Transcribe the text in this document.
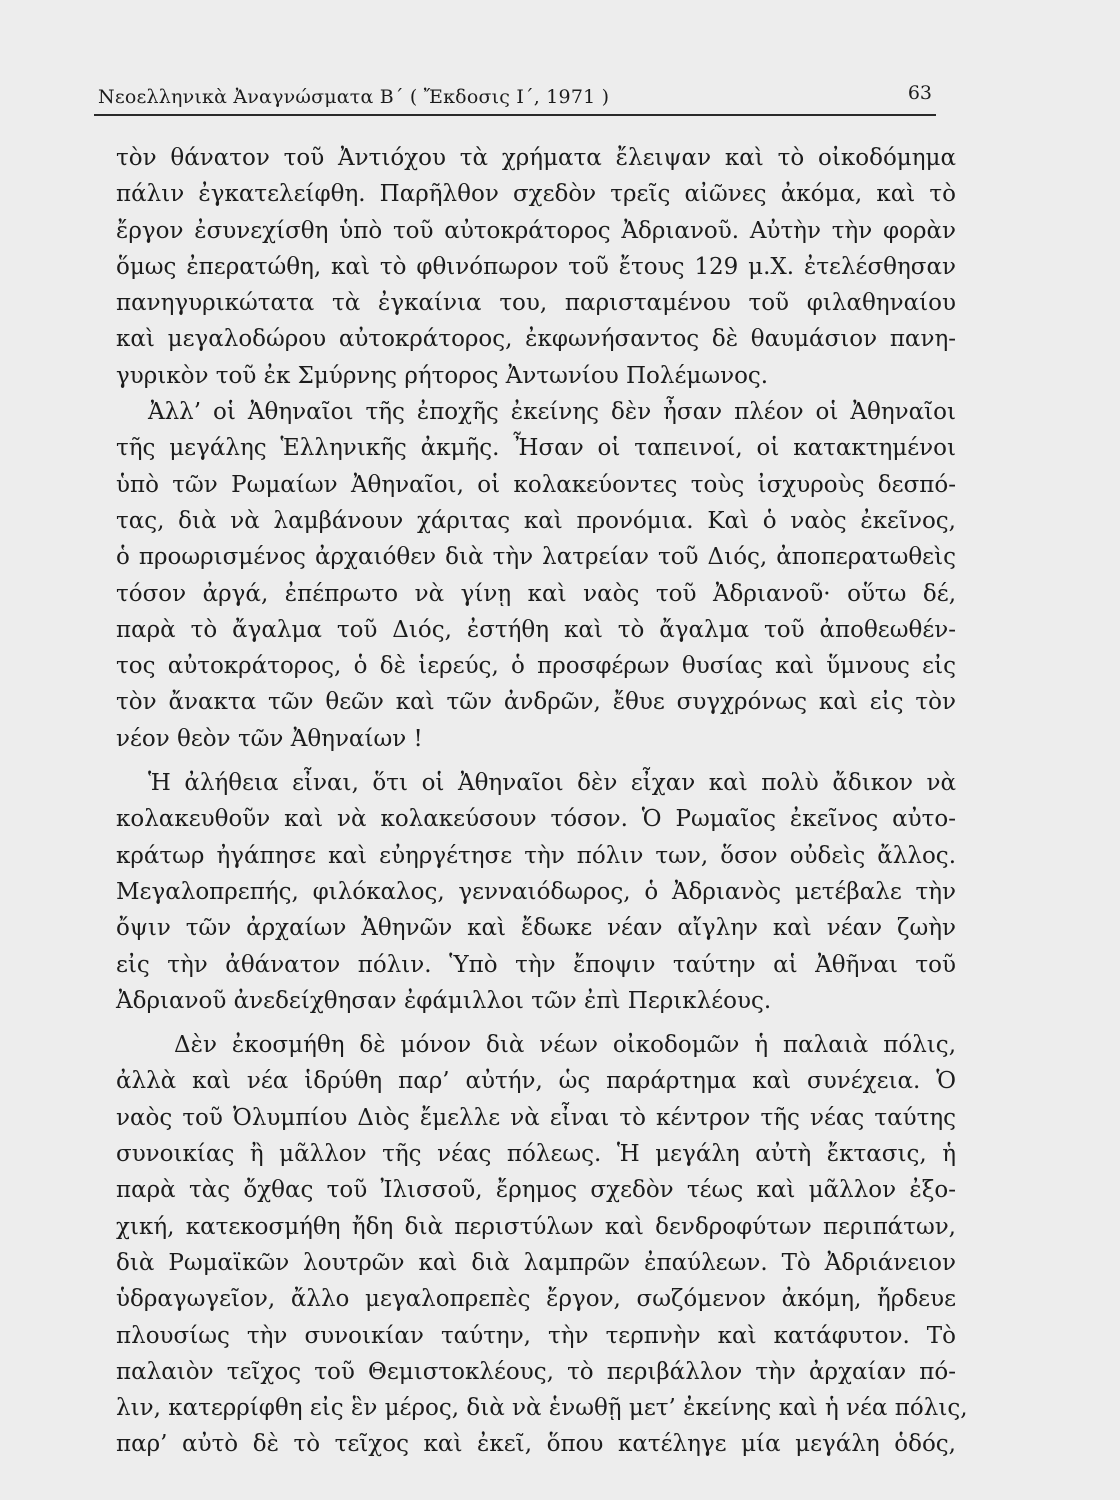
Νεοελληνικὰ Ἀναγνώσματα Β΄ ( Ἔκδοσις Ι΄, 1971 )	63
τὸν θάνατον τοῦ Ἀντιόχου τὰ χρήματα ἔλειψαν καὶ τὸ οἰκοδόμημα
πάλιν ἐγκατελείφθη. Παρῆλθον σχεδὸν τρεῖς αἰῶνες ἀκόμα, καὶ τὸ
ἔργον ἐσυνεχίσθη ὑπὸ τοῦ αὐτοκράτορος Ἀδριανοῦ. Αὐτὴν τὴν φορὰν
ὅμως ἐπερατώθη, καὶ τὸ φθινόπωρον τοῦ ἔτους 129 μ.Χ. ἐτελέσθησαν
πανηγυρικώτατα τὰ ἐγκαίνια του, παρισταμένου τοῦ φιλαθηναίου
καὶ μεγαλοδώρου αὐτοκράτορος, ἐκφωνήσαντος δὲ θαυμάσιον πανη-
γυρικὸν τοῦ ἐκ Σμύρνης ρήτορος Ἀντωνίου Πολέμωνος.
Ἀλλ’ οἱ Ἀθηναῖοι τῆς ἐποχῆς ἐκείνης δὲν ἦσαν πλέον οἱ Ἀθηναῖοι
τῆς μεγάλης Ἑλληνικῆς ἀκμῆς. Ἦσαν οἱ ταπεινοί, οἱ κατακτημένοι
ὑπὸ τῶν Ρωμαίων Ἀθηναῖοι, οἱ κολακεύοντες τοὺς ἰσχυροὺς δεσπό-
τας, διὰ νὰ λαμβάνουν χάριτας καὶ προνόμια. Καὶ ὁ ναὸς ἐκεῖνος,
ὁ προωρισμένος ἀρχαιόθεν διὰ τὴν λατρείαν τοῦ Διός, ἀποπερατωθεὶς
τόσον ἀργά, ἐπέπρωτο νὰ γίνῃ καὶ ναὸς τοῦ Ἀδριανοῦ· οὕτω δέ,
παρὰ τὸ ἄγαλμα τοῦ Διός, ἐστήθη καὶ τὸ ἄγαλμα τοῦ ἀποθεωθέν-
τος αὐτοκράτορος, ὁ δὲ ἱερεύς, ὁ προσφέρων θυσίας καὶ ὕμνους εἰς
τὸν ἄνακτα τῶν θεῶν καὶ τῶν ἀνδρῶν, ἔθυε συγχρόνως καὶ εἰς τὸν
νέον θεὸν τῶν Ἀθηναίων !
Ἡ ἀλήθεια εἶναι, ὅτι οἱ Ἀθηναῖοι δὲν εἶχαν καὶ πολὺ ἄδικον νὰ
κολακευθοῦν καὶ νὰ κολακεύσουν τόσον. Ὁ Ρωμαῖος ἐκεῖνος αὐτο-
κράτωρ ἠγάπησε καὶ εὐηργέτησε τὴν πόλιν των, ὅσον οὐδεὶς ἄλλος.
Μεγαλοπρεπής, φιλόκαλος, γενναιόδωρος, ὁ Ἀδριανὸς μετέβαλε τὴν
ὄψιν τῶν ἀρχαίων Ἀθηνῶν καὶ ἔδωκε νέαν αἴγλην καὶ νέαν ζωὴν
εἰς τὴν ἀθάνατον πόλιν. Ὑπὸ τὴν ἔποψιν ταύτην αἱ Ἀθῆναι τοῦ
Ἀδριανοῦ ἀνεδείχθησαν ἐφάμιλλοι τῶν ἐπὶ Περικλέους.
Δὲν ἐκοσμήθη δὲ μόνον διὰ νέων οἰκοδομῶν ἡ παλαιὰ πόλις,
ἀλλὰ καὶ νέα ἱδρύθη παρ’ αὐτήν, ὡς παράρτημα καὶ συνέχεια. Ὁ
ναὸς τοῦ Ὀλυμπίου Διὸς ἔμελλε νὰ εἶναι τὸ κέντρον τῆς νέας ταύτης
συνοικίας ἢ μᾶλλον τῆς νέας πόλεως. Ἡ μεγάλη αὐτὴ ἔκτασις, ἡ
παρὰ τὰς ὄχθας τοῦ Ἰλισσοῦ, ἔρημος σχεδὸν τέως καὶ μᾶλλον ἐξο-
χική, κατεκοσμήθη ἤδη διὰ περιστύλων καὶ δενδροφύτων περιπάτων,
διὰ Ρωμαϊκῶν λουτρῶν καὶ διὰ λαμπρῶν ἐπαύλεων. Τὸ Ἀδριάνειον
ὑδραγωγεῖον, ἄλλο μεγαλοπρεπὲς ἔργον, σωζόμενον ἀκόμη, ἤρδευε
πλουσίως τὴν συνοικίαν ταύτην, τὴν τερπνὴν καὶ κατάφυτον. Τὸ
παλαιὸν τεῖχος τοῦ Θεμιστοκλέους, τὸ περιβάλλον τὴν ἀρχαίαν πό-
λιν, κατερρίφθη εἰς ἓν μέρος, διὰ νὰ ἑνωθῇ μετ’ ἐκείνης καὶ ἡ νέα πόλις,
παρ’ αὐτὸ δὲ τὸ τεῖχος καὶ ἐκεῖ, ὅπου κατέληγε μία μεγάλη ὁδός,
